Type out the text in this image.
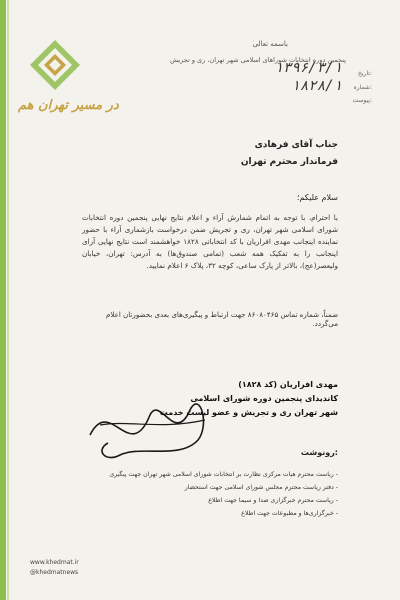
در مسیر تهران هم
باسمه تعالی
پنجمین دوره انتخابات شوراهای اسلامی شهر تهران، ری و تجریش
تاریخ:
۱۳۹۶/۳/۱
شماره:
۱۸۲۸/۱
پیوست:
جناب آقای فرهادی
فرماندار محترم تهران
سلام علیکم؛
با احترام، با توجه به اتمام شمارش آراء و اعلام نتایج نهایی پنجمین دوره انتخابات شورای اسلامی شهر تهران، ری و تجریش ضمن درخواست بازشماری آراء با حضور نماینده اینجانب مهدی افراریان با کد انتخاباتی ۱۸۲۸ خواهشمند است نتایج نهایی آرای اینجانب را به تفکیک همه شعب (تمامی صندوق‌ها) به آدرس: تهران، خیابان ولیعصر(عج)، بالاتر از پارک ساعی، کوچه ۳۲، پلاک ۶ اعلام نمایید.
ضمناً، شماره تماس ۸۶۰۸۰۴۶۵ جهت ارتباط و پیگیری‌های بعدی بحضورتان اعلام می‌گردد.
مهدی افراریان (کد ۱۸۲۸)
کاندیدای پنجمین دوره شورای اسلامی
شهر تهران ری و تجریش و عضو لیست خدمت
رونوشت:
- ریاست محترم هیات مرکزی نظارت بر انتخابات شورای اسلامی شهر تهران جهت پیگیری
- دفتر ریاست محترم مجلس شورای اسلامی جهت استحضار
- ریاست محترم خبرگزاری صدا و سیما جهت اطلاع
- خبرگزاری‌ها و مطبوعات جهت اطلاع
www.khedmat.ir
@khedmatnews
